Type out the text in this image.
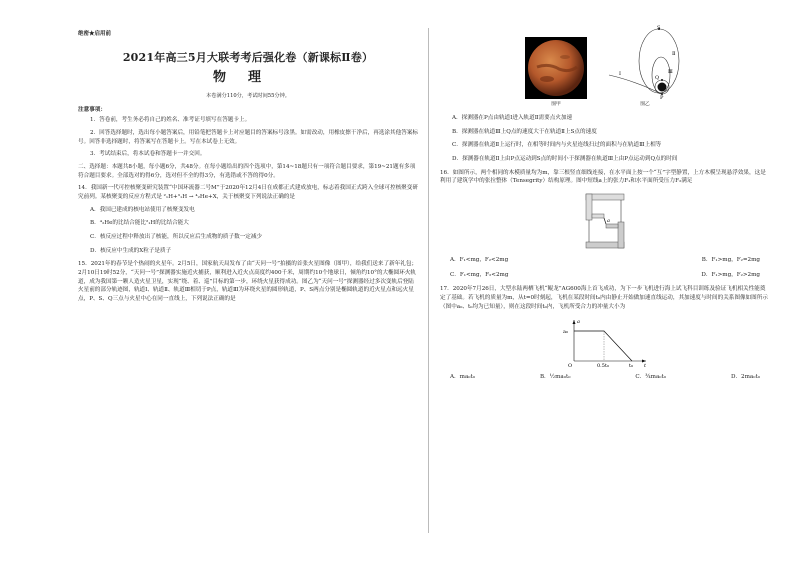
绝密★启用前
2021年高三5月大联考考后强化卷（新课标Ⅱ卷）
物理
本卷满分110分，考试时间55分钟。
注意事项：

1．答卷前，考生务必将自己的姓名、准考证号填写在答题卡上。

2．回答选择题时，选出每小题答案后，用铅笔把答题卡上对应题目的答案标号涂黑。如需改动，用橡皮擦干净后，再选涂其他答案标号。回答非选择题时，将答案写在答题卡上。写在本试卷上无效。

3．考试结束后，将本试卷和答题卡一并交回。

二、选择题：本题共8小题，每小题6分，共48分。在每小题给出的四个选项中，第14~18题只有一项符合题目要求，第19~21题有多项符合题目要求。全部选对的得6分，选对但不全的得3分，有选错或不答的得0分。

14．我国新一代可控核聚变研究装置“中国环流器二号M”于2020年12月4日在成都正式建成放电，标志着我国正式跨入全球可控核聚变研究前列。某核聚变的反应方程式是 ²₁H+³₁H → ⁴₂He+X，关于核聚变下列说法正确的是

A．我国已建成的核电站使用了核聚变发电

B．⁴₂He的比结合能比²₁H的比结合能大

C．核反应过程中释放出了核能，所以反应后生成物的质子数一定减少

D．核反应中生成的X粒子是质子

15．2021年的春节是个热闹的火星年。2月5日，国家航天局发布了由“天问一号”拍摄的首张火星图像（图甲），给我们送来了新年礼包；2月10日19时52分，“天问一号”探测器实施近火捕获，顺利进入近火点高度约400千米，周期约10个地球日，倾角约10°的大椭圆环火轨道，成为我国第一颗人造火星卫星，实现“绕、着、巡”目标的第一步，环绕火星获得成功。图乙为“天问一号”探测器经过多次变轨后登陆火星前的部分轨迹图，轨道Ⅰ、轨道Ⅱ、轨道Ⅲ相切于P点，轨道Ⅲ为环绕火星的圆形轨道，P、S两点分别是椭圆轨道的近火星点和远火星点，P、S、Q三点与火星中心在同一直线上，下列说法正确的是

图甲
S
Ⅱ
Q
Ⅲ
P
Ⅰ
图乙

A．探测器在P点由轨道Ⅰ进入轨道Ⅱ需要点火加速

B．探测器在轨道Ⅲ上Q点的速度大于在轨道Ⅱ上S点的速度

C．探测器在轨道Ⅱ上运行时，在相等时间内与火星连线扫过的面积与在轨道Ⅲ上相等

D．探测器在轨道Ⅱ上由P点运动到S点的时间小于探测器在轨道Ⅲ上由P点运动到Q点的时间

16．如图所示，两个相同的木模质量均为m，靠三根竖直细线连接，在水平面上按一个“互”字型静置，上方木模呈现悬浮效果，这是利用了建筑学中的张拉整体（Tensegrity）结构原理。图中短线a上的张力F₁和水平面所受压力F₂满足

a
A．F₁<mg，F₂<2mg	B．F₁>mg，F₂=2mg
C．F₁<mg，F₂<2mg	D．F₁>mg，F₂>2mg

17．2020年7月26日，大型水陆两栖飞机“鲲龙”AG600海上首飞成功，为下一步飞机进行海上试飞科目训练及验证飞机相关性能奠定了基础。若飞机的质量为m，从t=0时刻起，飞机在某段时间t₀内由静止开始做加速直线运动，其加速度与时间的关系图像如图所示（图中a₀、t₀均为已知量），则在这段时间t₀内，飞机所受合力的冲量大小为

a
t
a₀
0.5t₀	t₀
O
A．ma₀t₀	B．½ma₀t₀	C．¾ma₀t₀	D．2ma₀t₀
